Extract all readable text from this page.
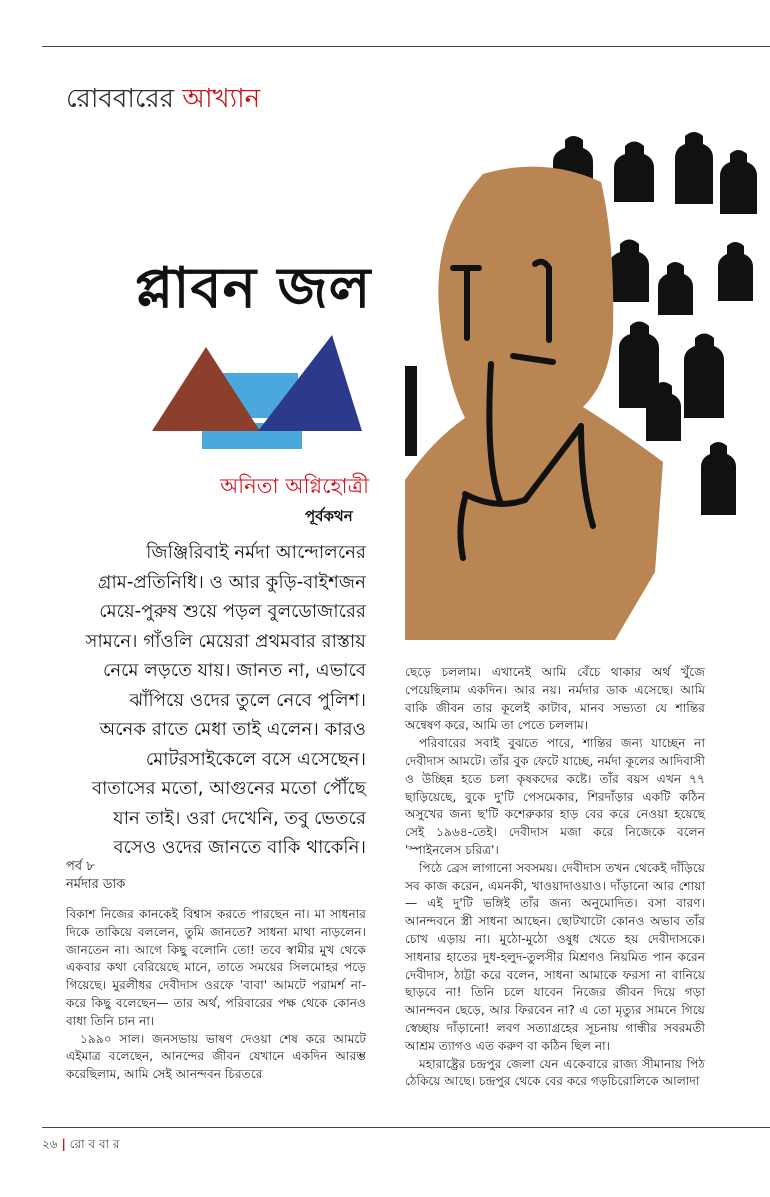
রোববারের আখ্যান
প্লাবন জল
অনিতা অগ্নিহোত্রী
পূর্বকথন
জিঞ্জিরিবাই নর্মদা আন্দোলনের
গ্রাম-প্রতিনিধি। ও আর কুড়ি-বাইশজন
মেয়ে-পুরুষ শুয়ে পড়ল বুলডোজারের
সামনে। গাঁওলি মেয়েরা প্রথমবার রাস্তায়
নেমে লড়তে যায়। জানত না, এভাবে
ঝাঁপিয়ে ওদের তুলে নেবে পুলিশ।
অনেক রাতে মেধা তাই এলেন। কারও
মোটরসাইকেলে বসে এসেছেন।
বাতাসের মতো, আগুনের মতো পৌঁছে
যান তাই। ওরা দেখেনি, তবু ভেতরে
বসেও ওদের জানতে বাকি থাকেনি।
পর্ব ৮
নর্মদার ডাক

বিকাশ নিজের কানকেই বিশ্বাস করতে পারছেন না। মা সাধনার দিকে তাকিয়ে বললেন, তুমি জানতে? সাধনা মাথা নাড়লেন। জানতেন না। আগে কিছু বলোনি তো! তবে স্বামীর মুখ থেকে একবার কথা বেরিয়েছে মানে, তাতে সময়ের সিলমোহর পড়ে গিয়েছে। মুরলীধর দেবীদাস ওরফে 'বাবা' আমটে পরামর্শ না-করে কিছু বলেছেন— তার অর্থ, পরিবারের পক্ষ থেকে কোনও বাধা তিনি চান না।

১৯৯০ সাল। জনসভায় ভাষণ দেওয়া শেষ করে আমটে এইমাত্র বলেছেন, আনন্দের জীবন যেখানে একদিন আরম্ভ করেছিলাম, আমি সেই আনন্দবন চিরতরে

ছেড়ে চললাম। এখানেই আমি বেঁচে থাকার অর্থ খুঁজে পেয়েছিলাম একদিন। আর নয়। নর্মদার ডাক এসেছে। আমি বাকি জীবন তার কূলেই কাটাব, মানব সভ্যতা যে শান্তির অন্বেষণ করে, আমি তা পেতে চললাম।

পরিবারের সবাই বুঝতে পারে, শান্তির জন্য যাচ্ছেন না দেবীদাস আমটে। তাঁর বুক ফেটে যাচ্ছে, নর্মদা কূলের আদিবাসী ও উচ্ছিন্ন হতে চলা কৃষকদের কষ্টে। তাঁর বয়স এখন ৭৭ ছাড়িয়েছে, বুকে দু'টি পেসমেকার, শিরদাঁড়ার একটি কঠিন অসুখের জন্য ছ'টি কশেরুকার হাড় বের করে নেওয়া হয়েছে সেই ১৯৬৪-তেই। দেবীদাস মজা করে নিজেকে বলেন 'স্পাইনলেস চরিত্র'।

পিঠে ব্রেস লাগানো সবসময়। দেবীদাস তখন থেকেই দাঁড়িয়ে সব কাজ করেন, এমনকী, খাওয়াদাওয়াও। দাঁড়ানো আর শোয়া— এই দু'টি ভঙ্গিই তাঁর জন্য অনুমোদিত। বসা বারণ। আনন্দবনে স্ত্রী সাধনা আছেন। ছোটখাটো কোনও অভাব তাঁর চোখ এড়ায় না। মুঠো-মুঠো ওষুধ খেতে হয় দেবীদাসকে। সাধনার হাতের দুধ-হলুদ-তুলসীর মিশ্রণও নিয়মিত পান করেন দেবীদাস, ঠাট্টা করে বলেন, সাধনা আমাকে ফরসা না বানিয়ে ছাড়বে না! তিনি চলে যাবেন নিজের জীবন দিয়ে গড়া আনন্দবন ছেড়ে, আর ফিরবেন না? এ তো মৃত্যুর সামনে গিয়ে স্বেচ্ছায় দাঁড়ানো! লবণ সত্যাগ্রহের সূচনায় গান্ধীর সবরমতী আশ্রম ত্যাগও এত করুণ বা কঠিন ছিল না।

মহারাষ্ট্রের চন্দ্রপুর জেলা যেন একেবারে রাজ্য সীমানায় পিঠ ঠেকিয়ে আছে। চন্দ্রপুর থেকে বের করে গড়চিরোলিকে আলাদা

২৬ | রো ব বা র
